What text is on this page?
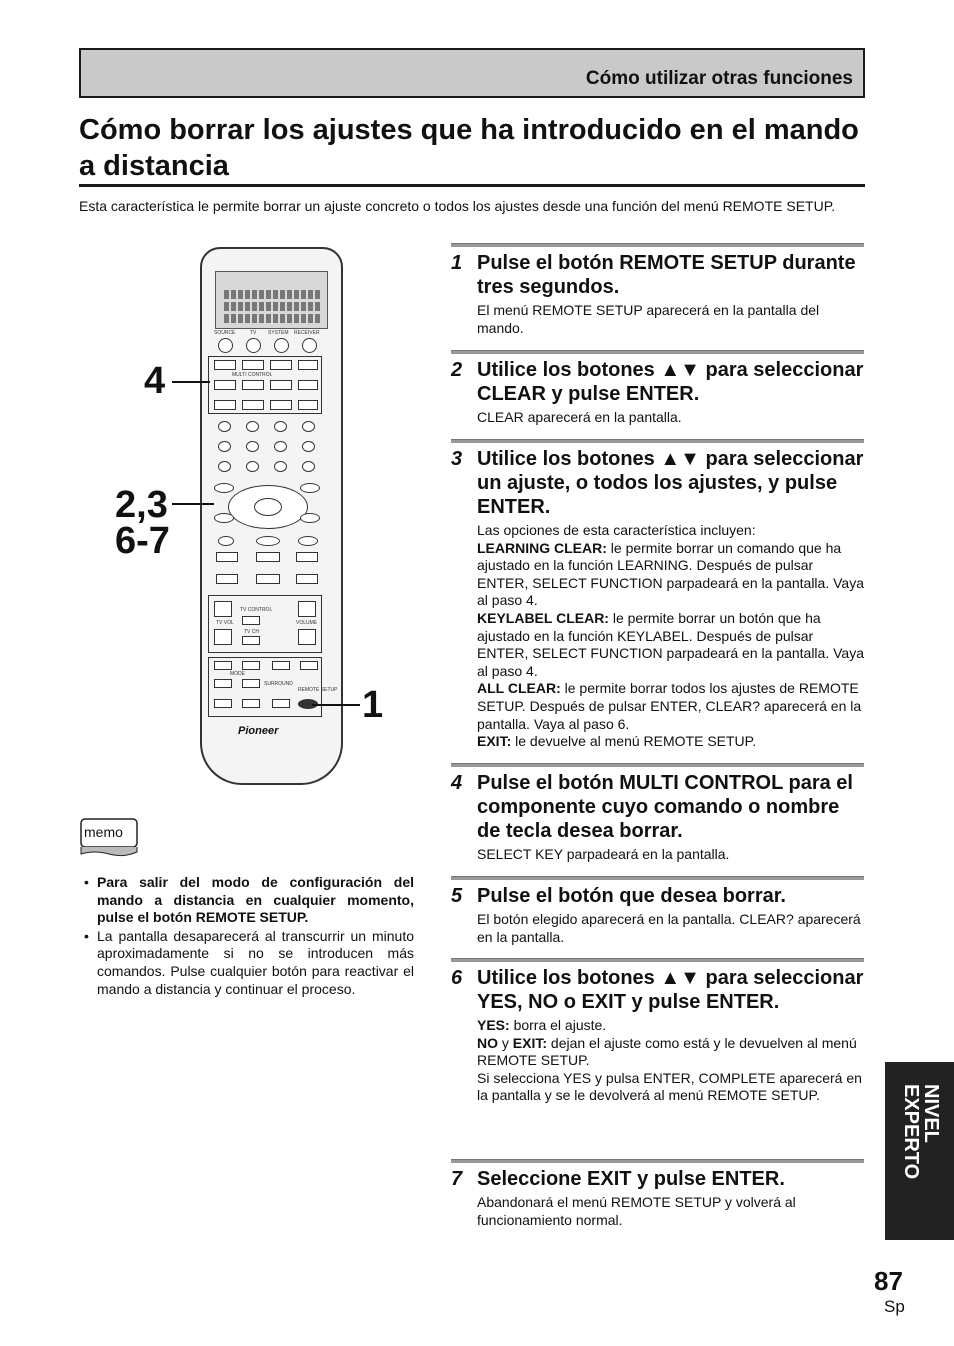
Cómo utilizar otras funciones
Cómo borrar los ajustes que ha introducido en el mando a distancia

Esta característica le permite borrar un ajuste concreto o todos los ajustes desde una función del menú REMOTE SETUP.

SOURCE	TV SYSTEM RECEIVER
MULTI CONTROL
TV CONTROL
TV VOL
TV CH
VOLUME
MODE
SURROUND
REMOTE SETUP
Pioneer
4
2,3
6-7
1
memo
• Para salir del modo de configuración del mando a distancia en cualquier momento, pulse el botón REMOTE SETUP.
• La pantalla desaparecerá al transcurrir un minuto aproximadamente si no se introducen más comandos. Pulse cualquier botón para reactivar el mando a distancia y continuar el proceso.
1 Pulse el botón REMOTE SETUP durante tres segundos.
El menú REMOTE SETUP aparecerá en la pantalla del mando.
2 Utilice los botones ▲▼ para seleccionar CLEAR y pulse ENTER.
CLEAR aparecerá en la pantalla.
3 Utilice los botones ▲▼ para seleccionar un ajuste, o todos los ajustes, y pulse ENTER.
Las opciones de esta característica incluyen:
LEARNING CLEAR: le permite borrar un comando que ha ajustado en la función LEARNING. Después de pulsar ENTER, SELECT FUNCTION parpadeará en la pantalla. Vaya al paso 4.
KEYLABEL CLEAR: le permite borrar un botón que ha ajustado en la función KEYLABEL. Después de pulsar ENTER, SELECT FUNCTION parpadeará en la pantalla. Vaya al paso 4.
ALL CLEAR: le permite borrar todos los ajustes de REMOTE SETUP. Después de pulsar ENTER, CLEAR? aparecerá en la pantalla. Vaya al paso 6.
EXIT: le devuelve al menú REMOTE SETUP.
4 Pulse el botón MULTI CONTROL para el componente cuyo comando o nombre de tecla desea borrar.
SELECT KEY parpadeará en la pantalla.
5 Pulse el botón que desea borrar.
El botón elegido aparecerá en la pantalla. CLEAR? aparecerá en la pantalla.
6 Utilice los botones ▲▼ para seleccionar YES, NO o EXIT y pulse ENTER.
YES: borra el ajuste.
NO y EXIT: dejan el ajuste como está y le devuelven al menú REMOTE SETUP.
Si selecciona YES y pulsa ENTER, COMPLETE aparecerá en la pantalla y se le devolverá al menú REMOTE SETUP.
7 Seleccione EXIT y pulse ENTER.
Abandonará el menú REMOTE SETUP y volverá al funcionamiento normal.
NIVEL EXPERTO
87
Sp
